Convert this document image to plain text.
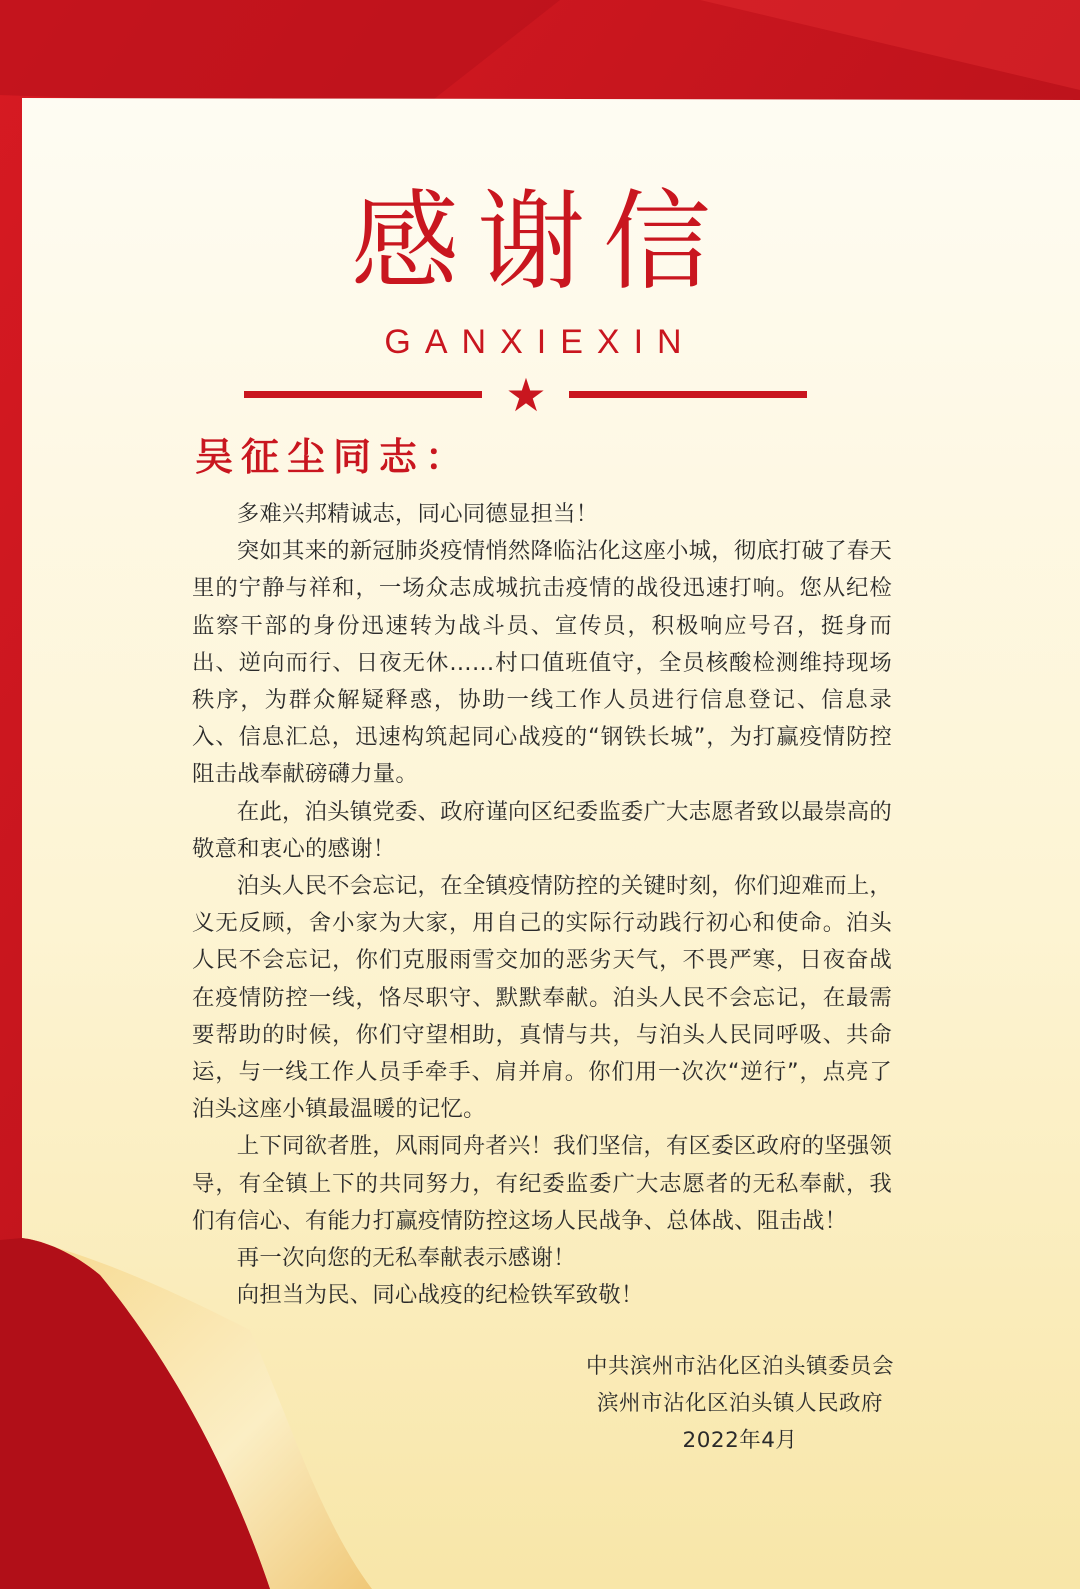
感谢信
GANXIEXIN
★
吴征尘同志：

多难兴邦精诚志，同心同德显担当！

突如其来的新冠肺炎疫情悄然降临沾化这座小城，彻底打破了春天里的宁静与祥和，一场众志成城抗击疫情的战役迅速打响。您从纪检监察干部的身份迅速转为战斗员、宣传员，积极响应号召，挺身而出、逆向而行、日夜无休……村口值班值守，全员核酸检测维持现场秩序，为群众解疑释惑，协助一线工作人员进行信息登记、信息录入、信息汇总，迅速构筑起同心战疫的“钢铁长城”，为打赢疫情防控阻击战奉献磅礴力量。

在此，泊头镇党委、政府谨向区纪委监委广大志愿者致以最崇高的敬意和衷心的感谢！

泊头人民不会忘记，在全镇疫情防控的关键时刻，你们迎难而上，义无反顾，舍小家为大家，用自己的实际行动践行初心和使命。泊头人民不会忘记，你们克服雨雪交加的恶劣天气，不畏严寒，日夜奋战在疫情防控一线，恪尽职守、默默奉献。泊头人民不会忘记，在最需要帮助的时候，你们守望相助，真情与共，与泊头人民同呼吸、共命运，与一线工作人员手牵手、肩并肩。你们用一次次“逆行”，点亮了泊头这座小镇最温暖的记忆。

上下同欲者胜，风雨同舟者兴！我们坚信，有区委区政府的坚强领导，有全镇上下的共同努力，有纪委监委广大志愿者的无私奉献，我们有信心、有能力打赢疫情防控这场人民战争、总体战、阻击战！

再一次向您的无私奉献表示感谢！

向担当为民、同心战疫的纪检铁军致敬！

中共滨州市沾化区泊头镇委员会
滨州市沾化区泊头镇人民政府
2022年4月
